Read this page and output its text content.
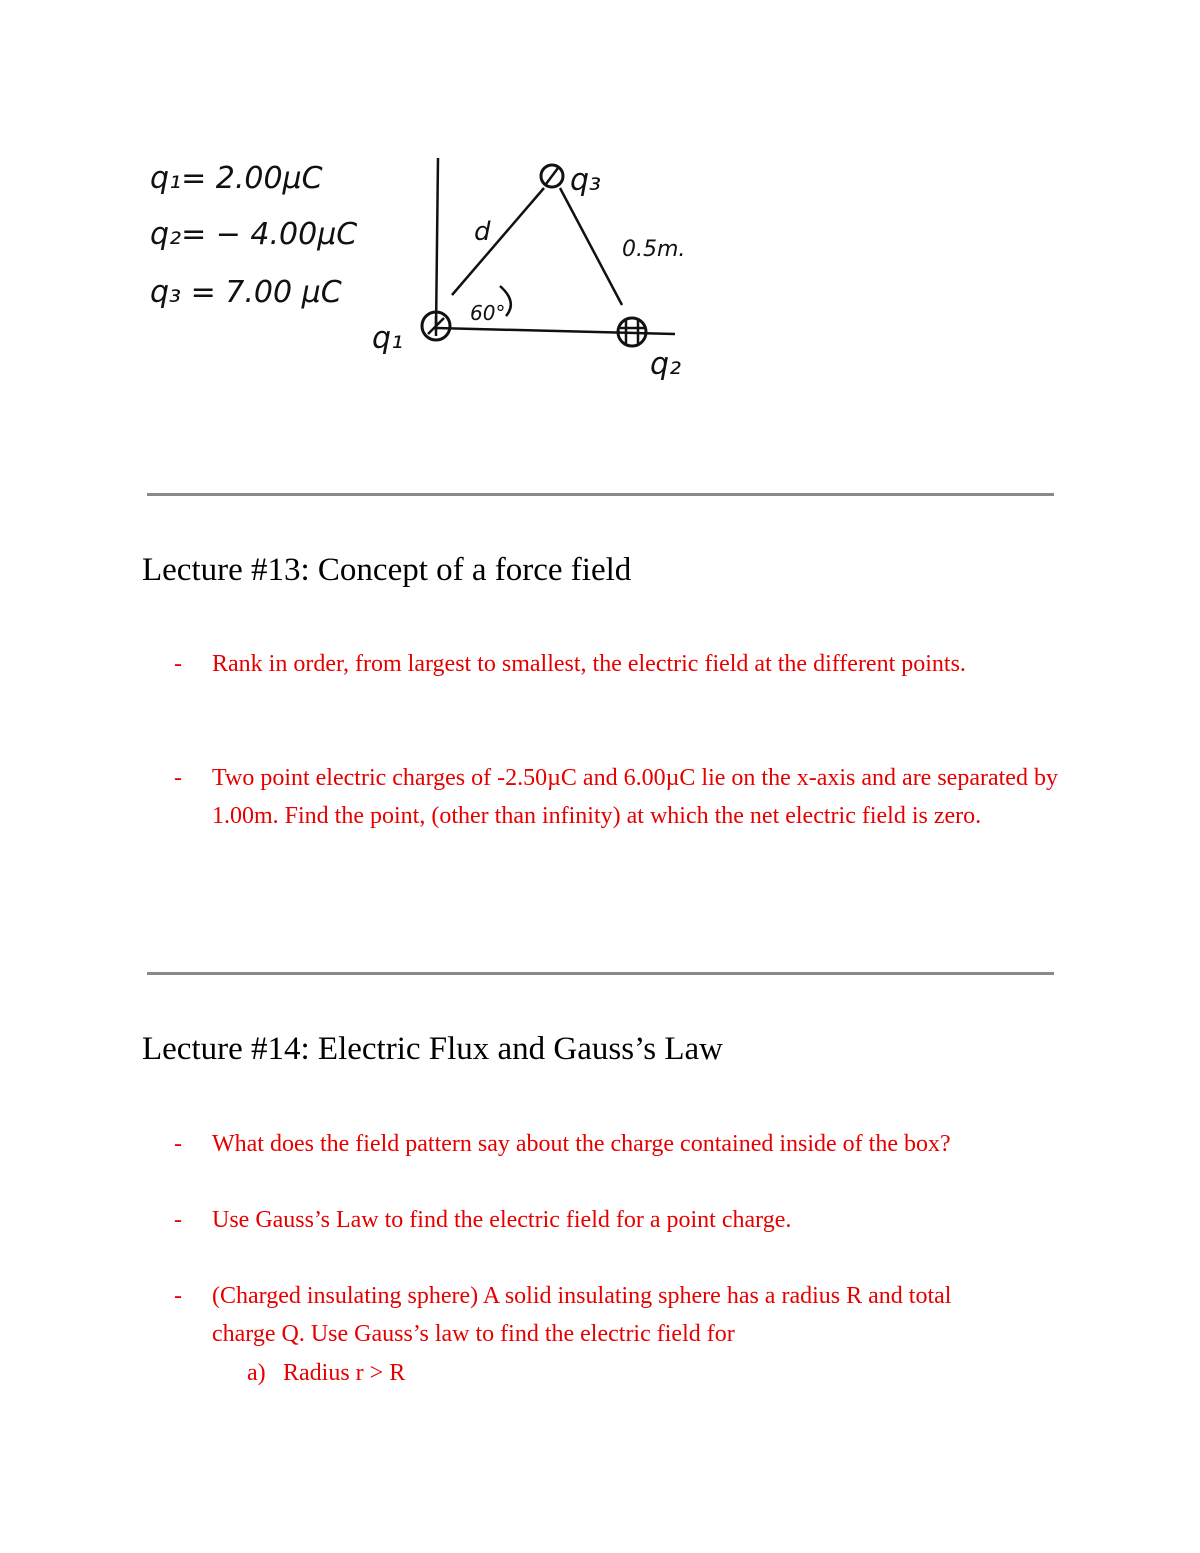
q₁= 2.00μC
q₂= − 4.00μC
q₃ = 7.00 μC
q₃
q₁
q₂
d
60°
0.5m.
Lecture #13: Concept of a force field
-	Rank in order, from largest to smallest, the electric field at the different points.
-	Two point electric charges of -2.50µC and 6.00µC lie on the x-axis and are separated by 1.00m. Find the point, (other than infinity) at which the net electric field is zero.
Lecture #14: Electric Flux and Gauss’s Law
-	What does the field pattern say about the charge contained inside of the box?
-	Use Gauss’s Law to find the electric field for a point charge.
-	(Charged insulating sphere) A solid insulating sphere has a radius R and total charge Q. Use Gauss’s law to find the electric field for
a) Radius r > R
